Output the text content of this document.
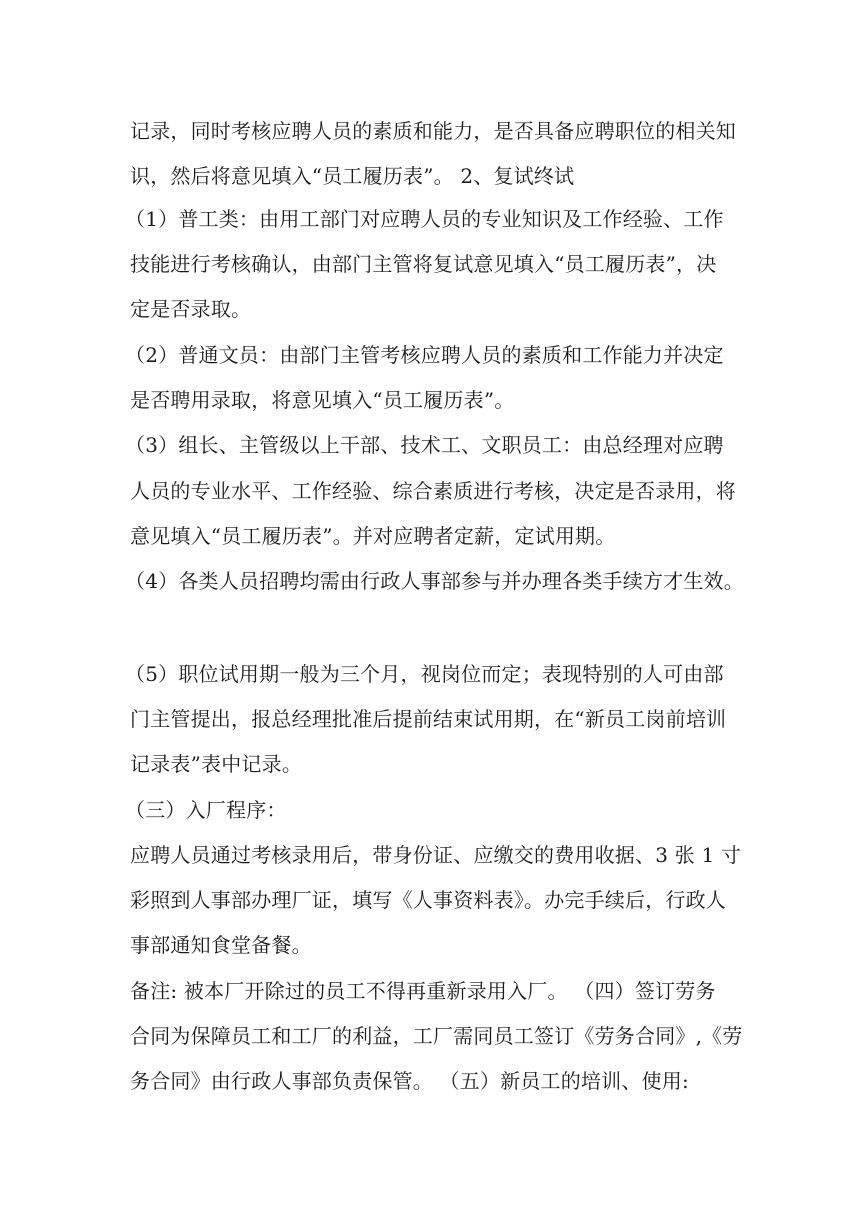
记录，同时考核应聘人员的素质和能力，是否具备应聘职位的相关知
识，然后将意见填入“员工履历表”。 2、复试终试
（1）普工类：由用工部门对应聘人员的专业知识及工作经验、工作
技能进行考核确认，由部门主管将复试意见填入“员工履历表”，决
定是否录取。
（2）普通文员：由部门主管考核应聘人员的素质和工作能力并决定
是否聘用录取，将意见填入“员工履历表”。
（3）组长、主管级以上干部、技术工、文职员工：由总经理对应聘
人员的专业水平、工作经验、综合素质进行考核，决定是否录用，将
意见填入“员工履历表”。并对应聘者定薪，定试用期。
（4）各类人员招聘均需由行政人事部参与并办理各类手续方才生效。
（5）职位试用期一般为三个月，视岗位而定；表现特别的人可由部
门主管提出，报总经理批准后提前结束试用期，在“新员工岗前培训
记录表”表中记录。
（三）入厂程序：
应聘人员通过考核录用后，带身份证、应缴交的费用收据、3 张 1 寸
彩照到人事部办理厂证，填写《人事资料表》。办完手续后，行政人
事部通知食堂备餐。
备注: 被本厂开除过的员工不得再重新录用入厂。 （四）签订劳务
合同为保障员工和工厂的利益，工厂需同员工签订《劳务合同》,《劳
务合同》由行政人事部负责保管。 （五）新员工的培训、使用:
